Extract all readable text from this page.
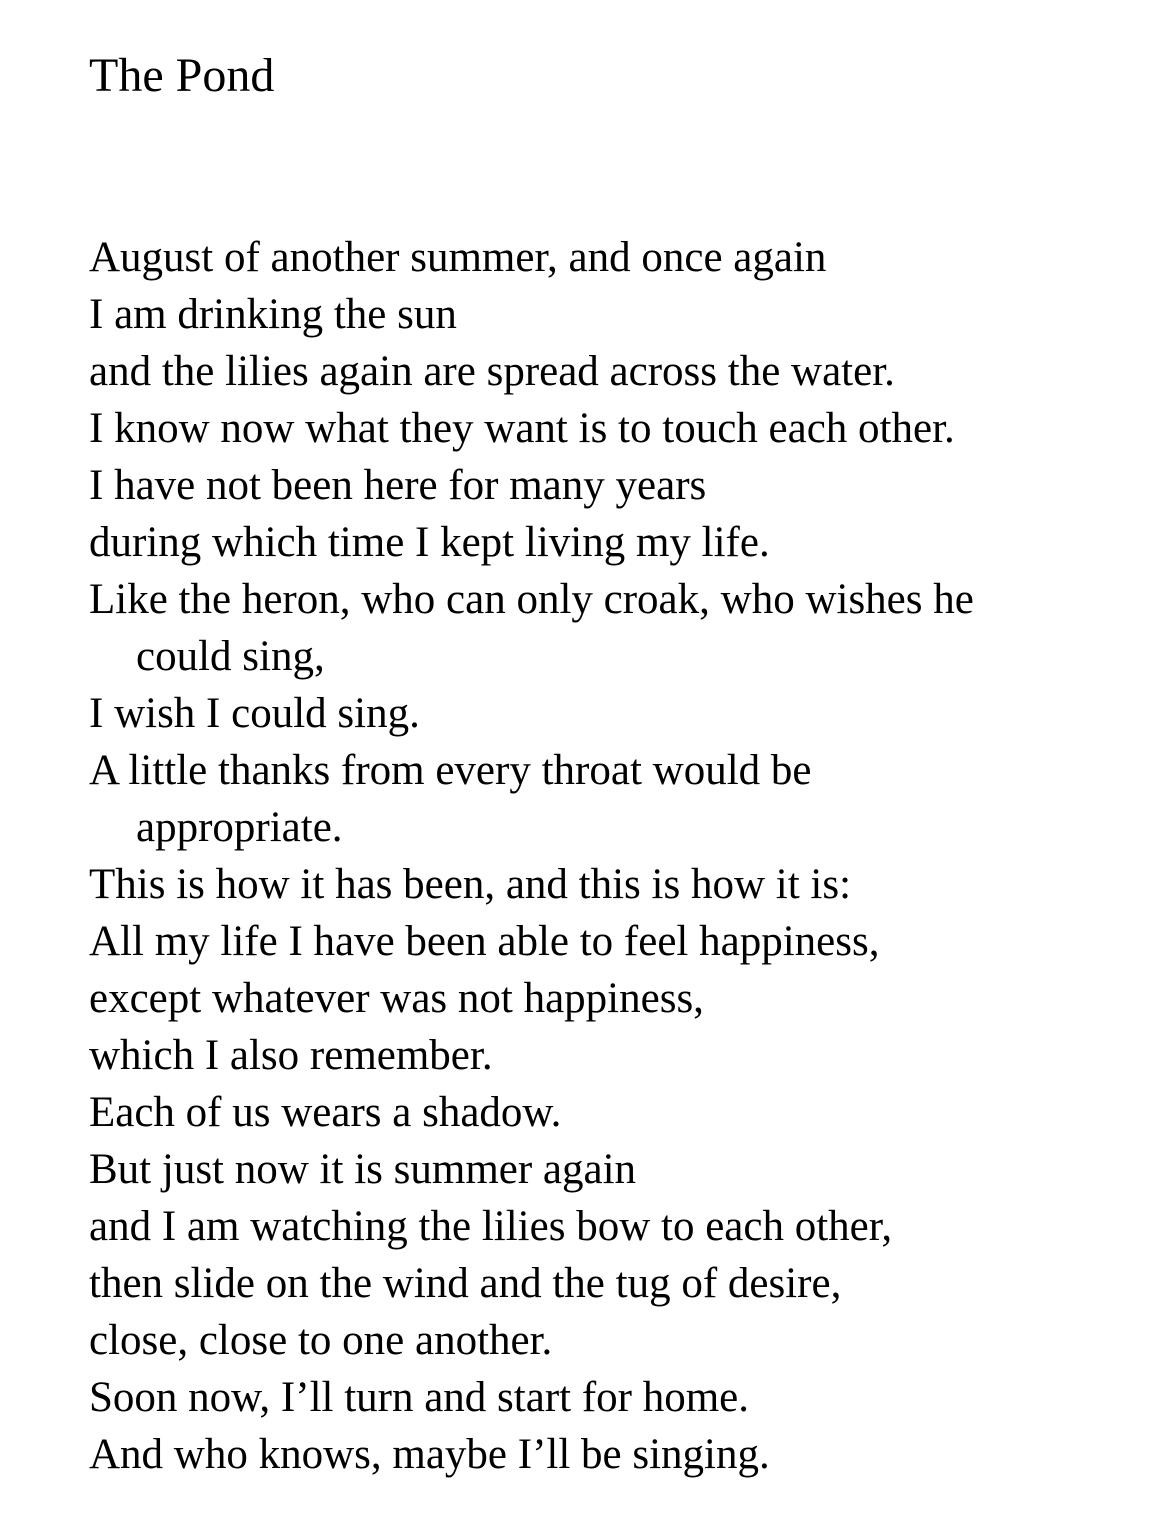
The Pond
August of another summer, and once again
I am drinking the sun
and the lilies again are spread across the water.
I know now what they want is to touch each other.
I have not been here for many years
during which time I kept living my life.
Like the heron, who can only croak, who wishes he
could sing,
I wish I could sing.
A little thanks from every throat would be
appropriate.
This is how it has been, and this is how it is:
All my life I have been able to feel happiness,
except whatever was not happiness,
which I also remember.
Each of us wears a shadow.
But just now it is summer again
and I am watching the lilies bow to each other,
then slide on the wind and the tug of desire,
close, close to one another.
Soon now, I’ll turn and start for home.
And who knows, maybe I’ll be singing.
